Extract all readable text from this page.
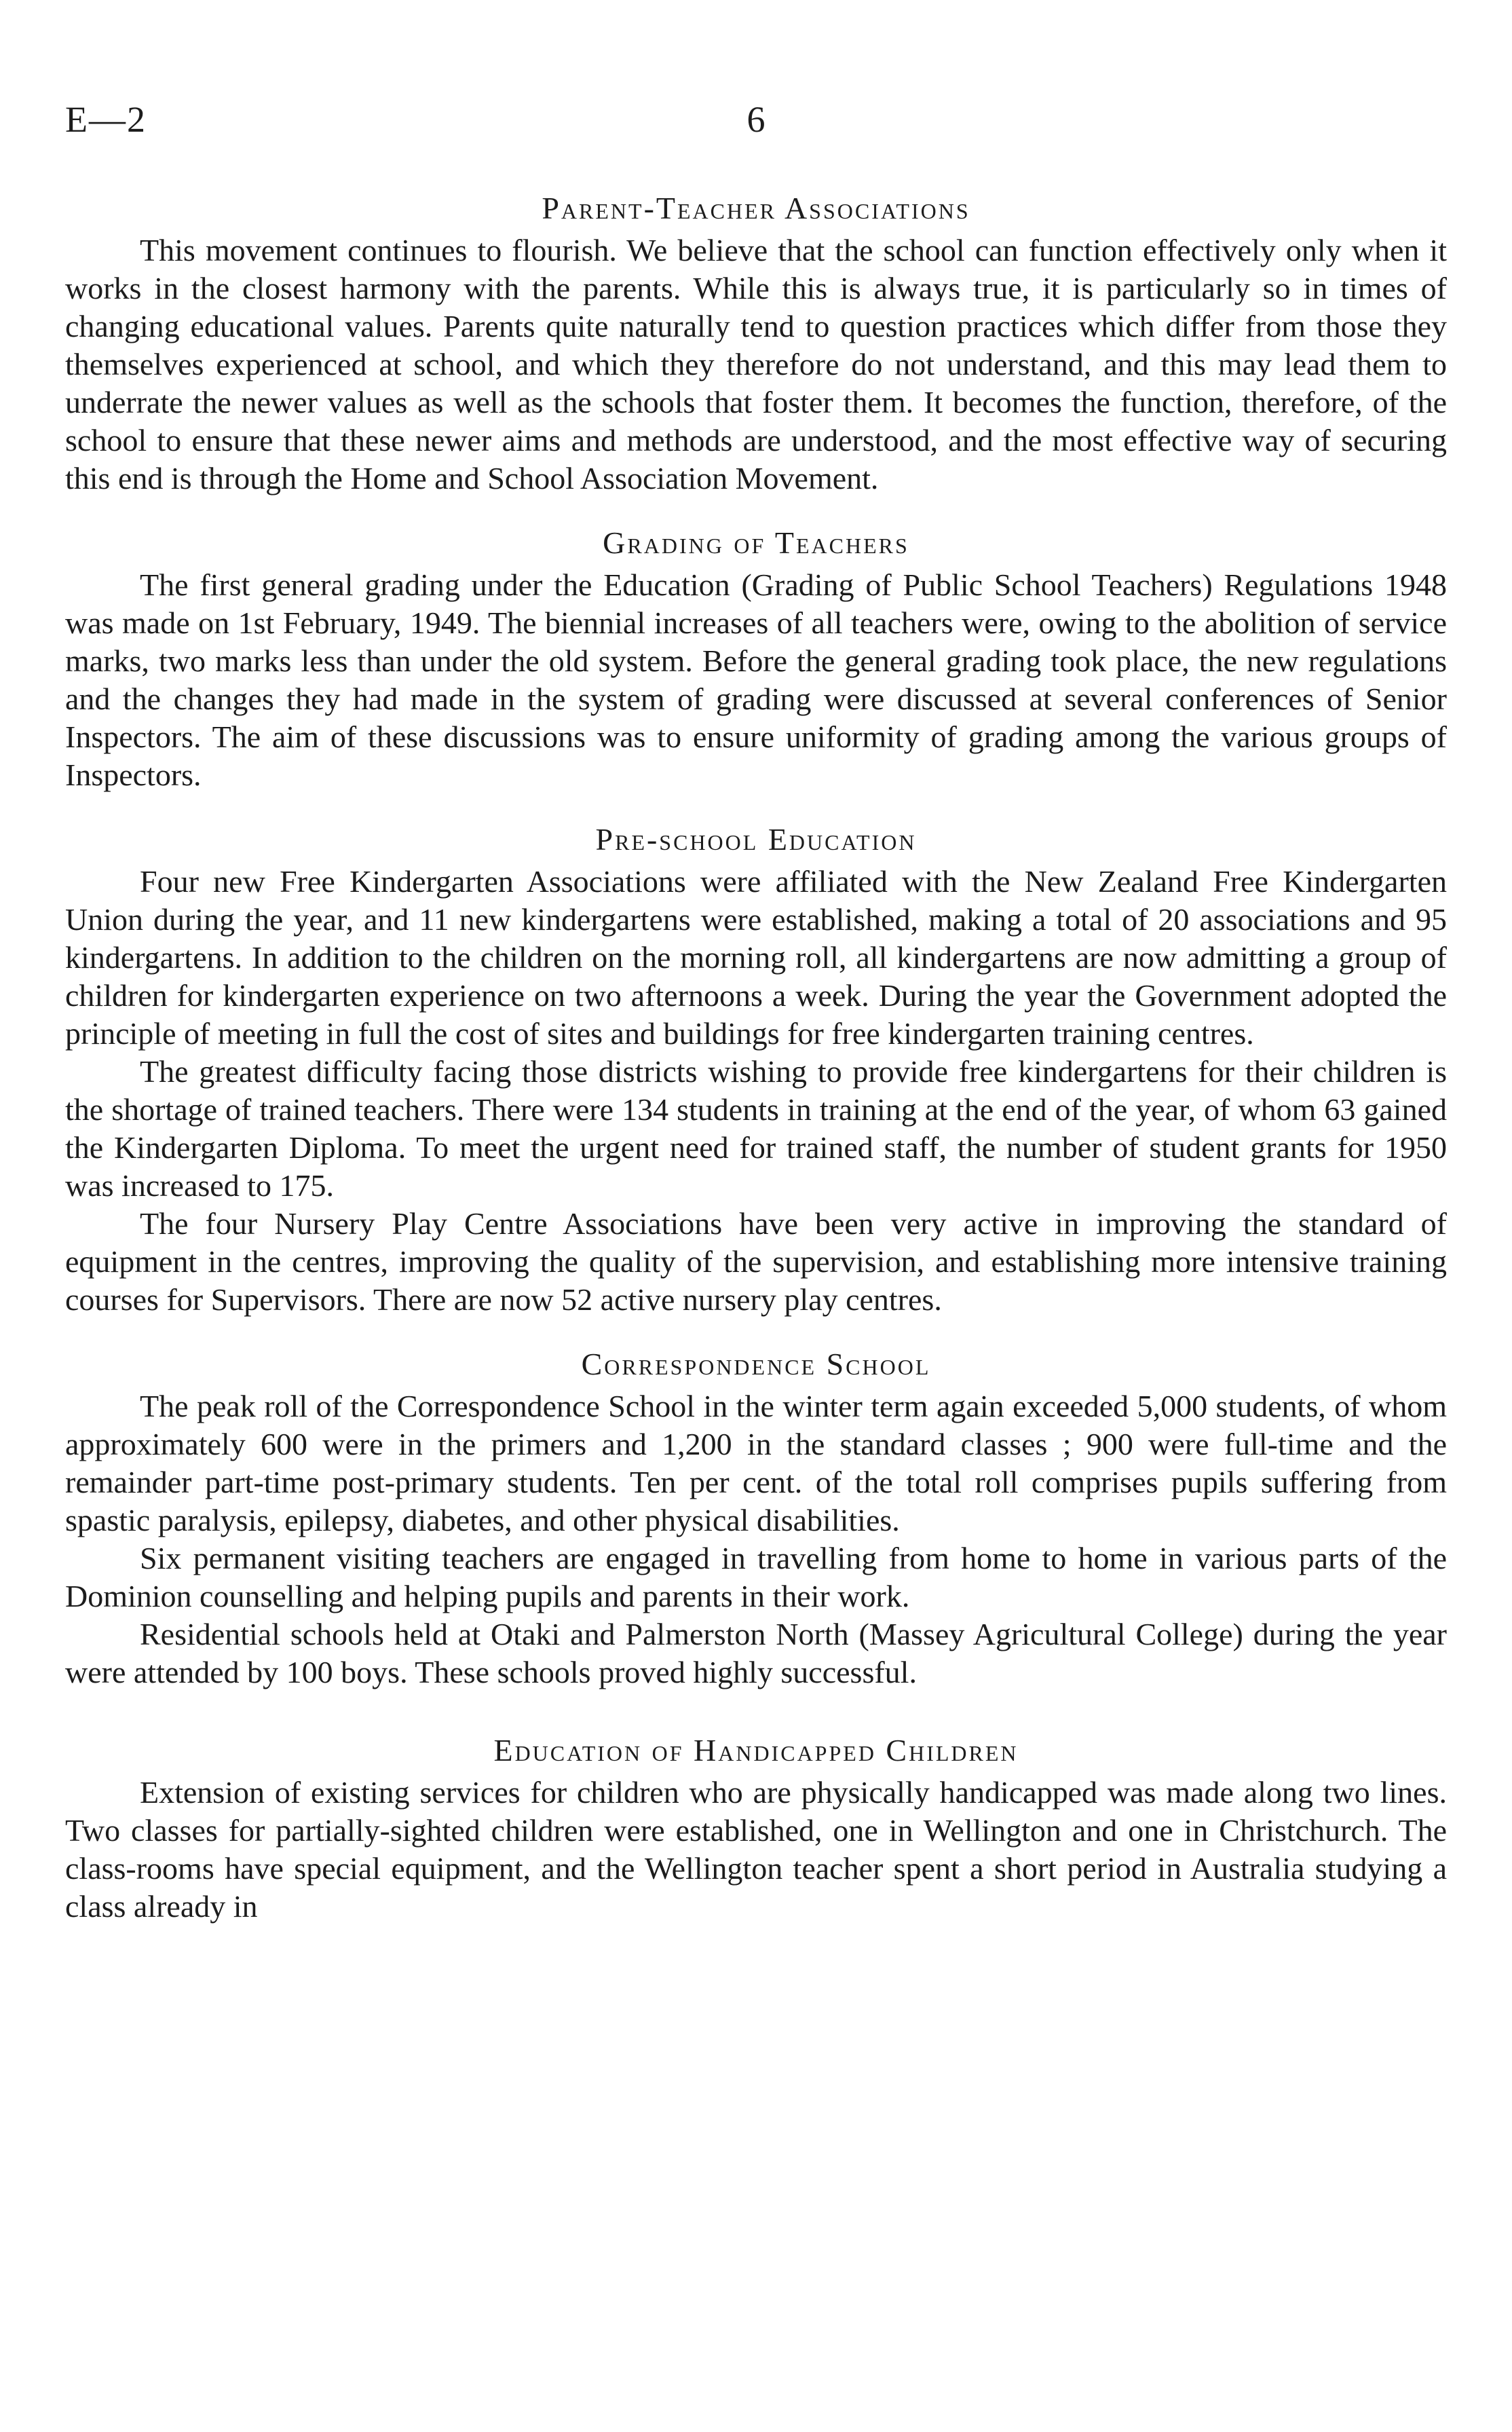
E—2	6
Parent-Teacher Associations

This movement continues to flourish. We believe that the school can function effectively only when it works in the closest harmony with the parents. While this is always true, it is particularly so in times of changing educational values. Parents quite naturally tend to question practices which differ from those they themselves experienced at school, and which they therefore do not understand, and this may lead them to underrate the newer values as well as the schools that foster them. It becomes the function, therefore, of the school to ensure that these newer aims and methods are understood, and the most effective way of securing this end is through the Home and School Association Movement.

Grading of Teachers

The first general grading under the Education (Grading of Public School Teachers) Regulations 1948 was made on 1st February, 1949. The biennial increases of all teachers were, owing to the abolition of service marks, two marks less than under the old system. Before the general grading took place, the new regulations and the changes they had made in the system of grading were discussed at several conferences of Senior Inspectors. The aim of these discussions was to ensure uniformity of grading among the various groups of Inspectors.

Pre-school Education

Four new Free Kindergarten Associations were affiliated with the New Zealand Free Kindergarten Union during the year, and 11 new kindergartens were established, making a total of 20 associations and 95 kindergartens. In addition to the children on the morning roll, all kindergartens are now admitting a group of children for kindergarten experience on two afternoons a week. During the year the Government adopted the principle of meeting in full the cost of sites and buildings for free kindergarten training centres.

The greatest difficulty facing those districts wishing to provide free kindergartens for their children is the shortage of trained teachers. There were 134 students in training at the end of the year, of whom 63 gained the Kindergarten Diploma. To meet the urgent need for trained staff, the number of student grants for 1950 was increased to 175.

The four Nursery Play Centre Associations have been very active in improving the standard of equipment in the centres, improving the quality of the supervision, and establishing more intensive training courses for Supervisors. There are now 52 active nursery play centres.

Correspondence School

The peak roll of the Correspondence School in the winter term again exceeded 5,000 students, of whom approximately 600 were in the primers and 1,200 in the standard classes ; 900 were full-time and the remainder part-time post-primary students. Ten per cent. of the total roll comprises pupils suffering from spastic paralysis, epilepsy, diabetes, and other physical disabilities.

Six permanent visiting teachers are engaged in travelling from home to home in various parts of the Dominion counselling and helping pupils and parents in their work.

Residential schools held at Otaki and Palmerston North (Massey Agricultural College) during the year were attended by 100 boys. These schools proved highly successful.

Education of Handicapped Children

Extension of existing services for children who are physically handicapped was made along two lines. Two classes for partially-sighted children were established, one in Wellington and one in Christchurch. The class-rooms have special equipment, and the Wellington teacher spent a short period in Australia studying a class already in
